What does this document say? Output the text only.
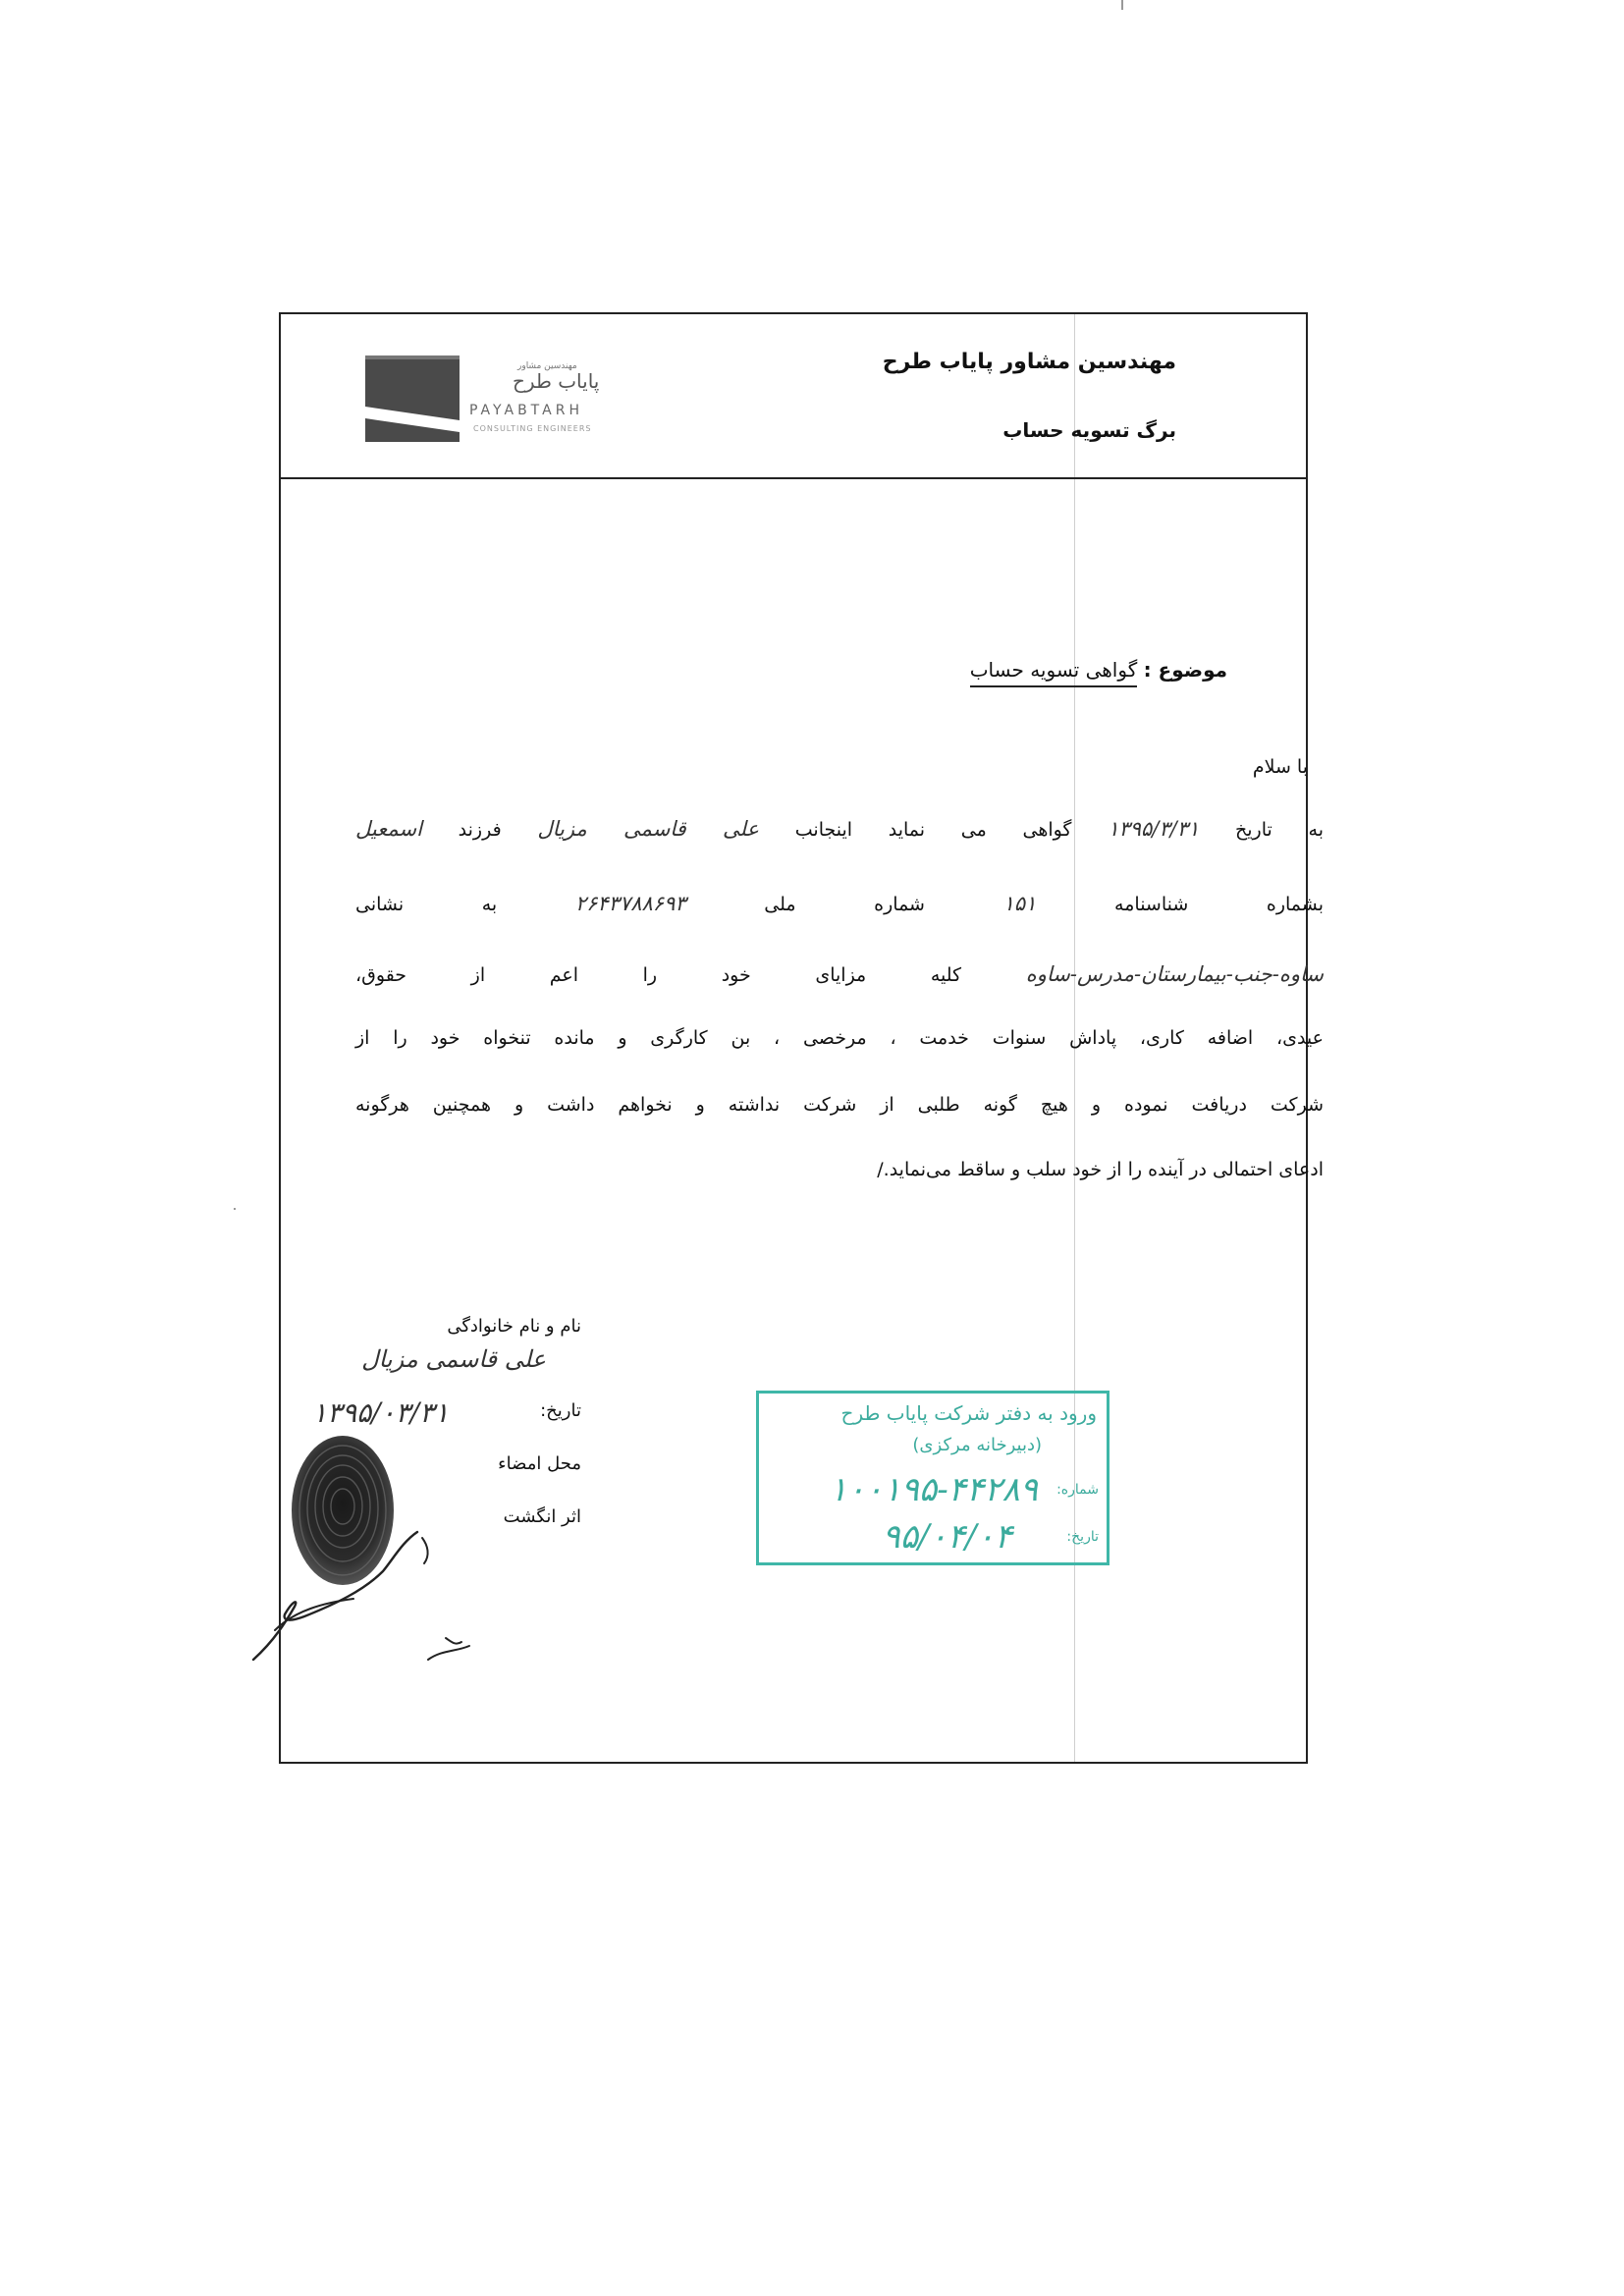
مهندسین مشاور پایاب طرح
برگ تسویه حساب
مهندسین مشاور
پایاب طرح
PAYABTARH
CONSULTING ENGINEERS
موضوع : گواهی تسویه حساب
با سلام
به تاریخ ۱۳۹۵/۳/۳۱ گواهی می نماید اینجانب علی قاسمی مزیال فرزند اسمعیل
بشماره شناسنامه ۱۵۱ شماره ملی ۲۶۴۳۷۸۸۶۹۳ به نشانی
ساوه-جنب-بیمارستان-مدرس-ساوه کلیه مزایای خود را اعم از حقوق،
عیدی، اضافه کاری، پاداش سنوات خدمت ، مرخصی ، بن کارگری و مانده تنخواه خود را از
شرکت دریافت نموده و هیچ گونه طلبی از شرکت نداشته و نخواهم داشت و همچنین هرگونه
ادعای احتمالی در آینده را از خود سلب و ساقط می‌نماید./
نام و نام خانوادگی
علی قاسمی مزیال
تاریخ:
۱۳۹۵/۰۳/۳۱
محل امضاء
اثر انگشت
ورود به دفتر شرکت پایاب طرح
(دبیرخانه مرکزی)
شماره:
۱۰۰۱۹۵-۴۴۲۸۹
تاریخ:
۹۵/۰۴/۰۴
